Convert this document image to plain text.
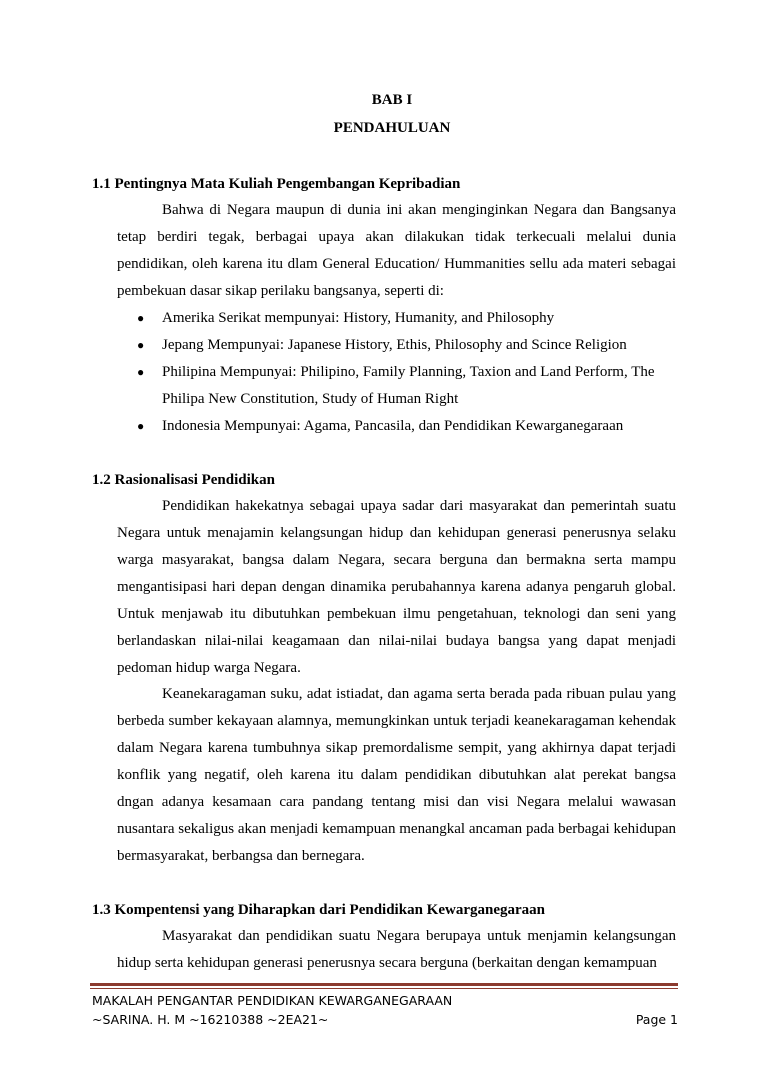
BAB I
PENDAHULUAN
1.1 Pentingnya Mata Kuliah Pengembangan Kepribadian

Bahwa di Negara maupun di dunia ini akan menginginkan Negara dan Bangsanya tetap berdiri tegak, berbagai upaya akan dilakukan tidak terkecuali melalui dunia pendidikan, oleh karena itu dlam General Education/ Hummanities sellu ada materi sebagai pembekuan dasar sikap perilaku bangsanya, seperti di:

● Amerika Serikat mempunyai: History, Humanity, and Philosophy
● Jepang Mempunyai: Japanese History, Ethis, Philosophy and Scince Religion
● Philipina Mempunyai: Philipino, Family Planning, Taxion and Land Perform, The Philipa New Constitution, Study of Human Right
● Indonesia Mempunyai: Agama, Pancasila, dan Pendidikan Kewarganegaraan
1.2 Rasionalisasi Pendidikan

Pendidikan hakekatnya sebagai upaya sadar dari masyarakat dan pemerintah suatu Negara untuk menajamin kelangsungan hidup dan kehidupan generasi penerusnya selaku warga masyarakat, bangsa dalam Negara, secara berguna dan bermakna serta mampu mengantisipasi hari depan dengan dinamika perubahannya karena adanya pengaruh global. Untuk menjawab itu dibutuhkan pembekuan ilmu pengetahuan, teknologi dan seni yang berlandaskan nilai-nilai keagamaan dan nilai-nilai budaya bangsa yang dapat menjadi pedoman hidup warga Negara.

Keanekaragaman suku, adat istiadat, dan agama serta berada pada ribuan pulau yang berbeda sumber kekayaan alamnya, memungkinkan untuk terjadi keanekaragaman kehendak dalam Negara karena tumbuhnya sikap premordalisme sempit, yang akhirnya dapat terjadi konflik yang negatif, oleh karena itu dalam pendidikan dibutuhkan alat perekat bangsa dngan adanya kesamaan cara pandang tentang misi dan visi Negara melalui wawasan nusantara sekaligus akan menjadi kemampuan menangkal ancaman pada berbagai kehidupan bermasyarakat, berbangsa dan bernegara.

1.3 Kompentensi yang Diharapkan dari Pendidikan Kewarganegaraan

Masyarakat dan pendidikan suatu Negara berupaya untuk menjamin kelangsungan hidup serta kehidupan generasi penerusnya secara berguna (berkaitan dengan kemampuan

MAKALAH PENGANTAR PENDIDIKAN KEWARGANEGARAAN
~SARINA. H. M ~16210388 ~2EA21~	Page 1
